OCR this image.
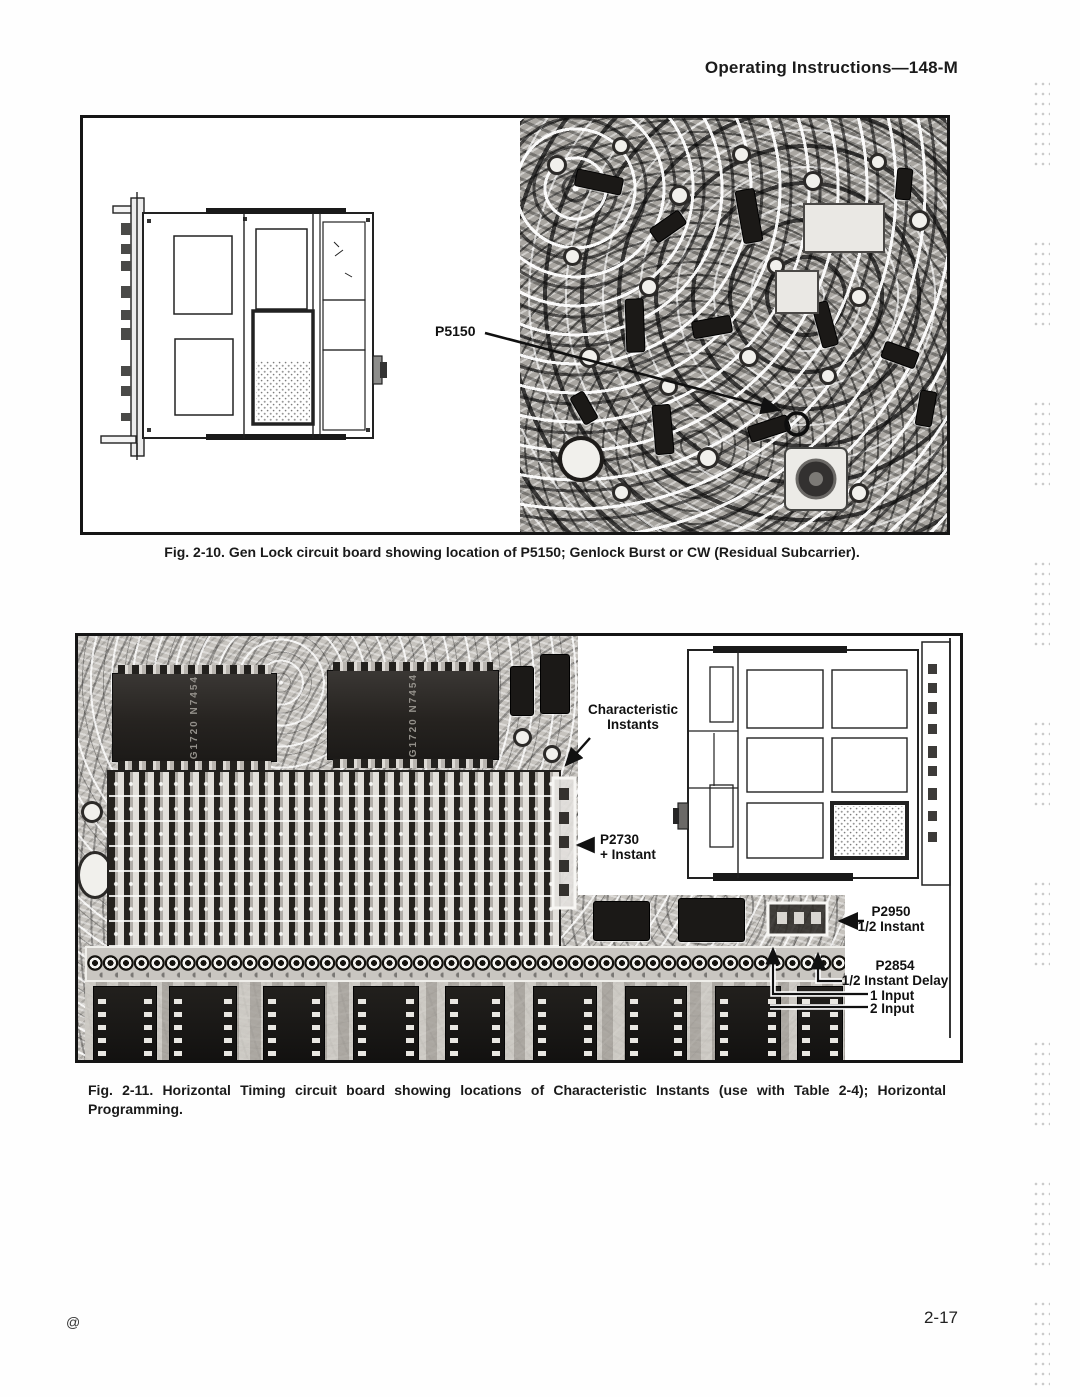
Operating Instructions—148-M
P5150
Fig. 2-10. Gen Lock circuit board showing location of P5150; Genlock Burst or CW (Residual Subcarrier).
G1720 N7454	G1720 N7454	Characteristic
Instants
P2730
+ Instant
P2950
1/2 Instant
P2854
1/2 Instant Delay
1 Input
2 Input
Fig. 2-11. Horizontal Timing circuit board showing locations of Characteristic Instants (use with Table 2-4); Horizontal
Programming.
2-17
@
